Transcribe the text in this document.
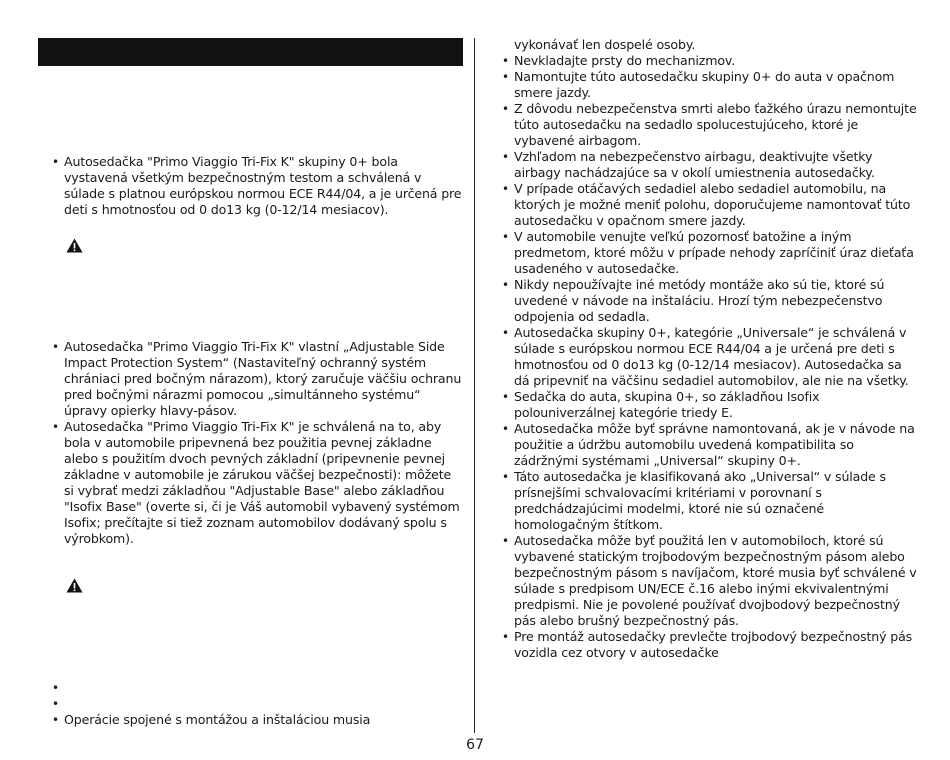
• Autosedačka "Primo Viaggio Tri-Fix K" skupiny 0+ bola vystavená všetkým bezpečnostným testom a schválená v súlade s platnou európskou normou ECE R44/04, a je určená pre deti s hmotnosťou od 0 do13 kg (0-12/14 mesiacov).
• Autosedačka "Primo Viaggio Tri-Fix K" vlastní „Adjustable Side Impact Protection System“ (Nastaviteľný ochranný systém chrániaci pred bočným nárazom), ktorý zaručuje väčšiu ochranu pred bočnými nárazmi pomocou „simultánneho systému“ úpravy opierky hlavy-pásov.
• Autosedačka "Primo Viaggio Tri-Fix K" je schválená na to, aby bola v automobile pripevnená bez použitia pevnej základne alebo s použitím dvoch pevných základní (pripevnenie pevnej základne v automobile je zárukou väčšej bezpečnosti): môžete si vybrať medzi základňou "Adjustable Base" alebo základňou "Isofix Base" (overte si, či je Váš automobil vybavený systémom Isofix; prečítajte si tiež zoznam automobilov dodávaný spolu s výrobkom).
•
•
• Operácie spojené s montážou a inštaláciou musia
vykonávať len dospelé osoby.
• Nevkladajte prsty do mechanizmov.
• Namontujte túto autosedačku skupiny 0+ do auta v opačnom smere jazdy.
• Z dôvodu nebezpečenstva smrti alebo ťažkého úrazu nemontujte túto autosedačku na sedadlo spolucestujúceho, ktoré je vybavené airbagom.
• Vzhľadom na nebezpečenstvo airbagu, deaktivujte všetky airbagy nachádzajúce sa v okolí umiestnenia autosedačky.
• V prípade otáčavých sedadiel alebo sedadiel automobilu, na ktorých je možné meniť polohu, doporučujeme namontovať túto autosedačku v opačnom smere jazdy.
• V automobile venujte veľkú pozornosť batožine a iným predmetom, ktoré môžu v prípade nehody zapríčiniť úraz dieťaťa usadeného v autosedačke.
• Nikdy nepoužívajte iné metódy montáže ako sú tie, ktoré sú uvedené v návode na inštaláciu. Hrozí tým nebezpečenstvo odpojenia od sedadla.
• Autosedačka skupiny 0+, kategórie „Universale“ je schválená v súlade s európskou normou ECE R44/04 a je určená pre deti s hmotnosťou od 0 do13 kg (0-12/14 mesiacov). Autosedačka sa dá pripevniť na väčšinu sedadiel automobilov, ale nie na všetky.
• Sedačka do auta, skupina 0+, so základňou Isofix polouniverzálnej kategórie triedy E.
• Autosedačka môže byť správne namontovaná, ak je v návode na použitie a údržbu automobilu uvedená kompatibilita so zádržnými systémami „Universal“ skupiny 0+.
• Táto autosedačka je klasifikovaná ako „Universal“ v súlade s prísnejšími schvalovacími kritériami v porovnaní s predchádzajúcimi modelmi, ktoré nie sú označené homologačným štítkom.
• Autosedačka môže byť použitá len v automobiloch, ktoré sú vybavené statickým trojbodovým bezpečnostným pásom alebo bezpečnostným pásom s navíjačom, ktoré musia byť schválené v súlade s predpisom UN/ECE č.16 alebo inými ekvivalentnými predpismi. Nie je povolené používať dvojbodový bezpečnostný pás alebo brušný bezpečnostný pás.
• Pre montáž autosedačky prevlečte trojbodový bezpečnostný pás vozidla cez otvory v autosedačke
67
